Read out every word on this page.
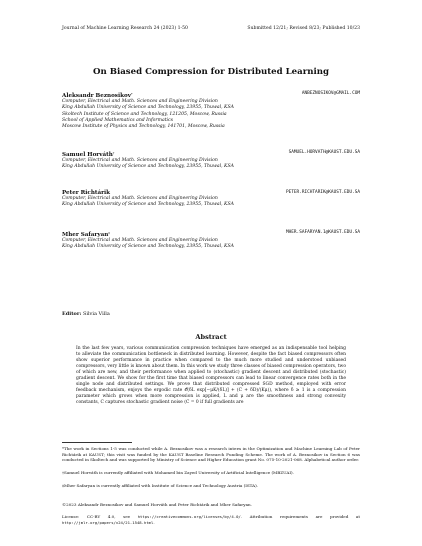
Journal of Machine Learning Research 24 (2023) 1-50	Submitted 12/21; Revised 8/23; Published 10/23
On Biased Compression for Distributed Learning
Aleksandr Beznosikov*	ANBEZNOSIKOV@GMAIL.COM
Computer, Electrical and Math. Sciences and Engineering Division
King Abdullah University of Science and Technology, 23955, Thuwal, KSA
Skoltech Institute of Science and Technology, 121205, Moscow, Russia
School of Applied Mathematics and Informatics
Moscow Institute of Physics and Technology, 141701, Moscow, Russia
Samuel Horváth†	SAMUEL.HORVATH@KAUST.EDU.SA
Computer, Electrical and Math. Sciences and Engineering Division
King Abdullah University of Science and Technology, 23955, Thuwal, KSA
Peter Richtárik	PETER.RICHTARIK@KAUST.EDU.SA
Computer, Electrical and Math. Sciences and Engineering Division
King Abdullah University of Science and Technology, 23955, Thuwal, KSA
Mher Safaryan‡	MHER.SAFARYAN.1@KAUST.EDU.SA
Computer, Electrical and Math. Sciences and Engineering Division
King Abdullah University of Science and Technology, 23955, Thuwal, KSA
Editor: Silvia Villa
Abstract
In the last few years, various communication compression techniques have emerged as an indispensable tool helping to alleviate the communication bottleneck in distributed learning. However, despite the fact biased compressors often show superior performance in practice when compared to the much more studied and understood unbiased compressors, very little is known about them. In this work we study three classes of biased compression operators, two of which are new, and their performance when applied to (stochastic) gradient descent and distributed (stochastic) gradient descent. We show for the first time that biased compressors can lead to linear convergence rates both in the single node and distributed settings. We prove that distributed compressed SGD method, employed with error feedback mechanism, enjoys the ergodic rate 𝒪(δL exp[−μK/(δL)] + (C + δD)/(Kμ)), where δ ≥ 1 is a compression parameter which grows when more compression is applied, L and μ are the smoothness and strong convexity constants, C captures stochastic gradient noise (C = 0 if full gradients are
*The work in Sections 1-5 was conducted while A. Beznosikov was a research intern in the Optimization and Machine Learning Lab of Peter Richtárik at KAUST; this visit was funded by the KAUST Baseline Research Funding Scheme. The work of A. Beznosikov in Section 6 was conducted in Skoltech and was supported by Ministry of Science and Higher Education grant No. 075-10-2021-068. Alphabetical author order.
†Samuel Horváth is currently affiliated with Mohamed bin Zayed University of Artificial Intelligence (MBZUAI).
‡Mher Safaryan is currently affiliated with Institute of Science and Technology Austria (ISTA).
©2023 Aleksandr Beznosikov and Samuel Horváth and Peter Richtárik and Mher Safaryan.
License: CC-BY 4.0, see https://creativecommons.org/licenses/by/4.0/. Attribution requirements are provided at http://jmlr.org/papers/v24/21-1548.html.
